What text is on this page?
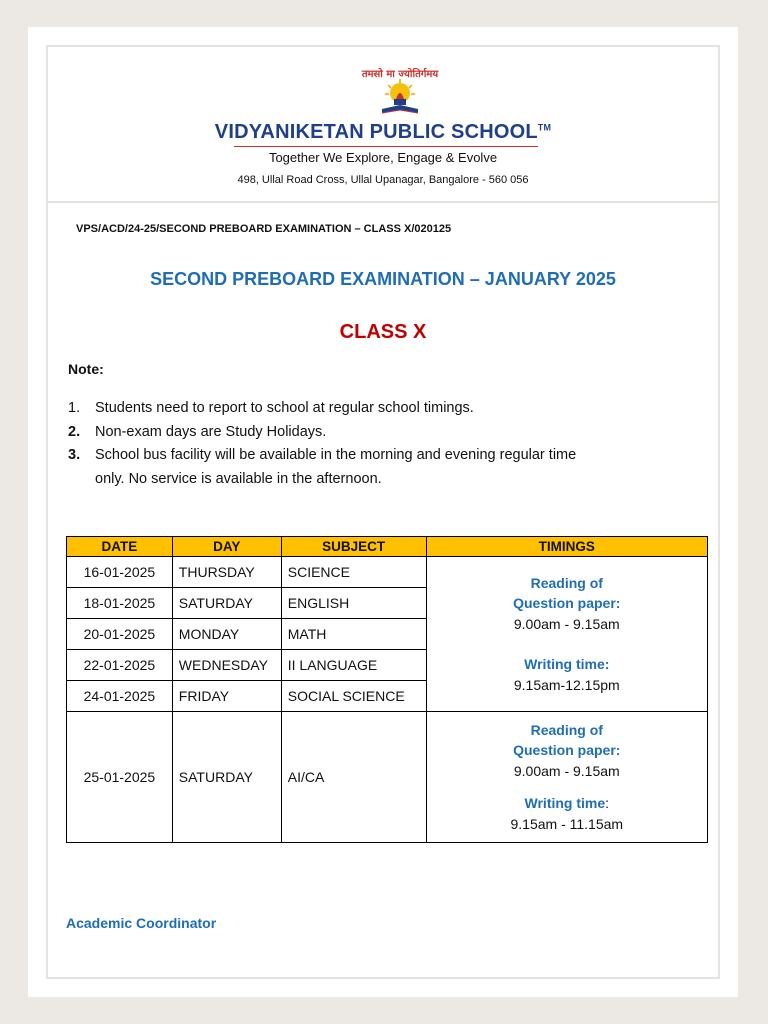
तमसो मा ज्योतिर्गमय
VIDYANIKETAN PUBLIC SCHOOL™
Together We Explore, Engage & Evolve
498, Ullal Road Cross, Ullal Upanagar, Bangalore - 560 056
VPS/ACD/24-25/SECOND PREBOARD EXAMINATION – CLASS X/020125
SECOND PREBOARD EXAMINATION – JANUARY 2025
CLASS X
Note:
1.	Students need to report to school at regular school timings.
2.	Non-exam days are Study Holidays.
3.	School bus facility will be available in the morning and evening regular time
only. No service is available in the afternoon.
DATE	DAY	SUBJECT	TIMINGS
16-01-2025	THURSDAY	SCIENCE	Reading of
Question paper:
9.00am - 9.15am
Writing time:
9.15am-12.15pm

18-01-2025	SATURDAY	ENGLISH	
20-01-2025	MONDAY	MATH	
22-01-2025	WEDNESDAY	II LANGUAGE	
24-01-2025	FRIDAY	SOCIAL SCIENCE	
25-01-2025	SATURDAY	AI/CA	Reading of
Question paper:
9.00am - 9.15am
Writing time:
9.15am - 11.15am
Academic Coordinator
